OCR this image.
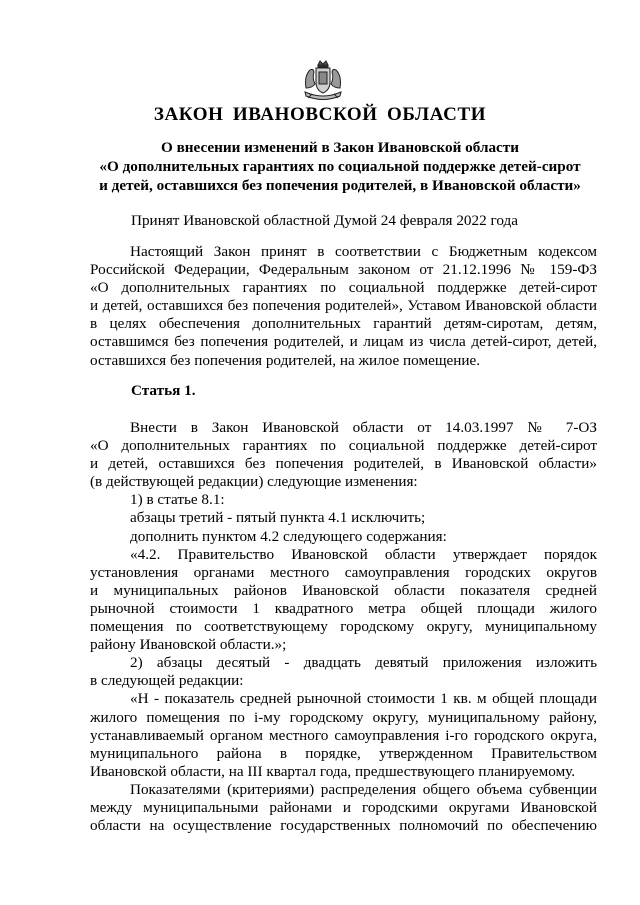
ЗАКОН ИВАНОВСКОЙ ОБЛАСТИ
О внесении изменений в Закон Ивановской области
«О дополнительных гарантиях по социальной поддержке детей-сирот
и детей, оставшихся без попечения родителей, в Ивановской области»
Принят Ивановской областной Думой 24 февраля 2022 года
Настоящий Закон принят в соответствии с Бюджетным кодексом
Российской Федерации, Федеральным законом от 21.12.1996 № 159-ФЗ
«О дополнительных гарантиях по социальной поддержке детей-сирот
и детей, оставшихся без попечения родителей», Уставом Ивановской области
в целях обеспечения дополнительных гарантий детям-сиротам, детям,
оставшимся без попечения родителей, и лицам из числа детей-сирот, детей,
оставшихся без попечения родителей, на жилое помещение.
Статья 1.
Внести в Закон Ивановской области от 14.03.1997 № 7-ОЗ
«О дополнительных гарантиях по социальной поддержке детей-сирот
и детей, оставшихся без попечения родителей, в Ивановской области»
(в действующей редакции) следующие изменения:
1) в статье 8.1:
абзацы третий - пятый пункта 4.1 исключить;
дополнить пунктом 4.2 следующего содержания:
«4.2. Правительство Ивановской области утверждает порядок
установления органами местного самоуправления городских округов
и муниципальных районов Ивановской области показателя средней
рыночной стоимости 1 квадратного метра общей площади жилого
помещения по соответствующему городскому округу, муниципальному
району Ивановской области.»;
2) абзацы десятый - двадцать девятый приложения изложить
в следующей редакции:
«Н - показатель средней рыночной стоимости 1 кв. м общей площади
жилого помещения по i-му городскому округу, муниципальному району,
устанавливаемый органом местного самоуправления i-го городского округа,
муниципального района в порядке, утвержденном Правительством
Ивановской области, на III квартал года, предшествующего планируемому.
Показателями (критериями) распределения общего объема субвенции
между муниципальными районами и городскими округами Ивановской
области на осуществление государственных полномочий по обеспечению
